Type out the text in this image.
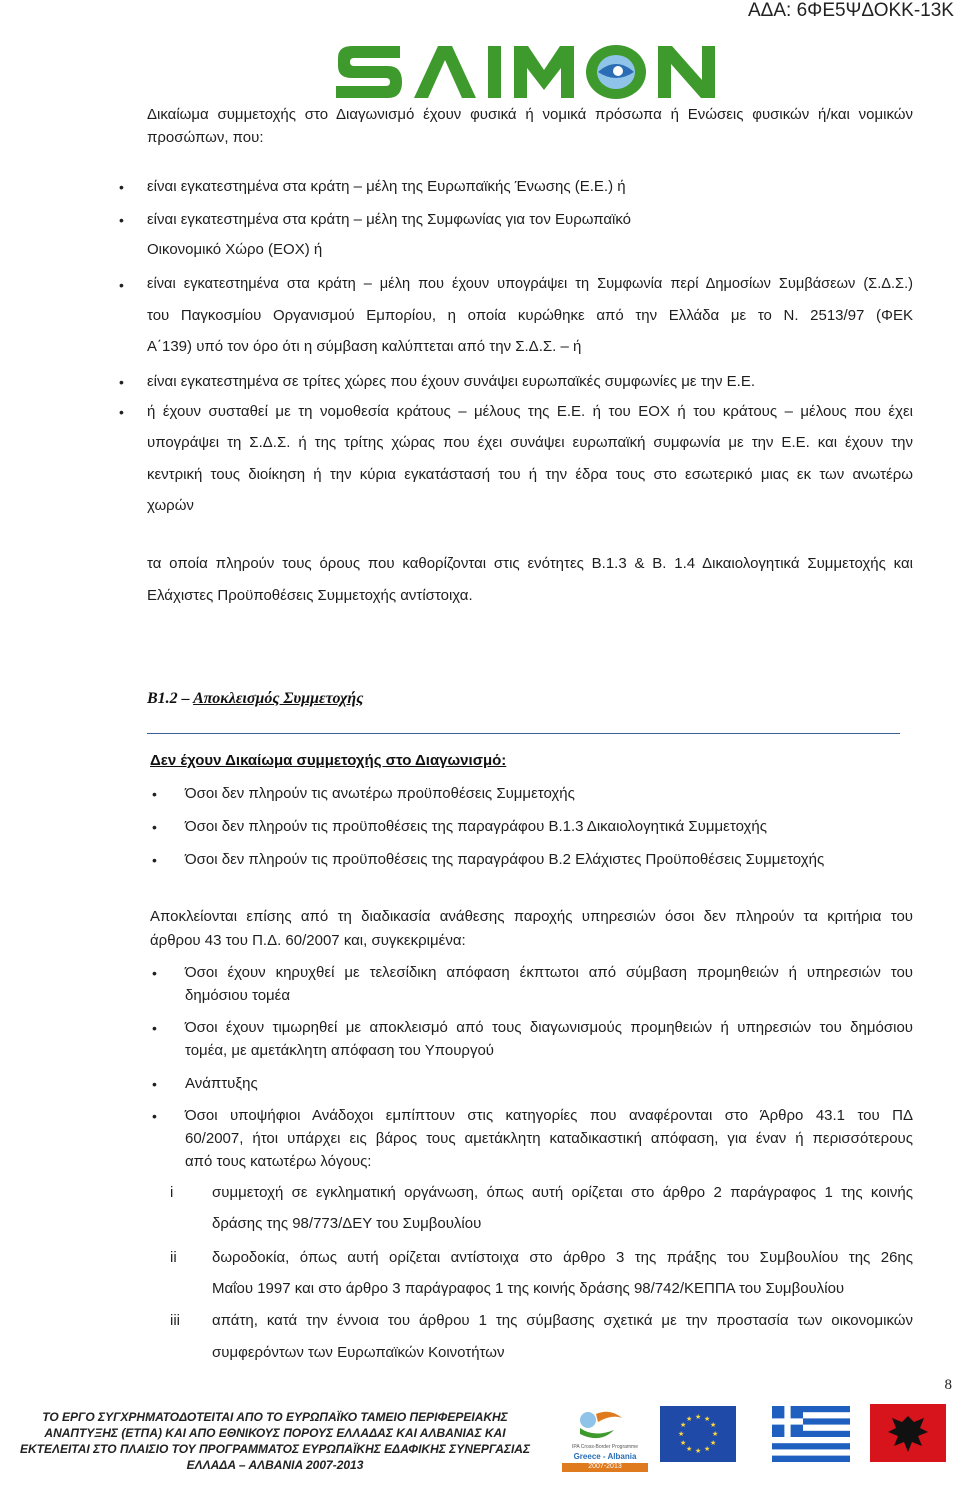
ΑΔΑ: 6ΦΕ5ΨΔΟΚΚ-13Κ
Δικαίωμα συμμετοχής στο Διαγωνισμό έχουν φυσικά ή νομικά πρόσωπα ή Ενώσεις φυσικών ή/και νομικών
προσώπων, που:
• είναι εγκατεστημένα στα κράτη – μέλη της Ευρωπαϊκής Ένωσης (Ε.Ε.) ή
• είναι εγκατεστημένα στα κράτη – μέλη της Συμφωνίας για τον Ευρωπαϊκό
Οικονομικό Χώρο (ΕΟΧ) ή
• είναι εγκατεστημένα στα κράτη – μέλη που έχουν υπογράψει τη Συμφωνία περί Δημοσίων Συμβάσεων (Σ.Δ.Σ.)
του Παγκοσμίου Οργανισμού Εμπορίου, η οποία κυρώθηκε από την Ελλάδα με το Ν. 2513/97 (ΦΕΚ
Α΄139) υπό τον όρο ότι η σύμβαση καλύπτεται από την Σ.Δ.Σ. – ή
• είναι εγκατεστημένα σε τρίτες χώρες που έχουν συνάψει ευρωπαϊκές συμφωνίες με την Ε.Ε.
• ή έχουν συσταθεί με τη νομοθεσία κράτους – μέλους της Ε.Ε. ή του ΕΟΧ ή του κράτους – μέλους που έχει
υπογράψει τη Σ.Δ.Σ. ή της τρίτης χώρας που έχει συνάψει ευρωπαϊκή συμφωνία με την Ε.Ε. και έχουν την
κεντρική τους διοίκηση ή την κύρια εγκατάστασή του ή την έδρα τους στο εσωτερικό μιας εκ των ανωτέρω
χωρών
τα οποία πληρούν τους όρους που καθορίζονται στις ενότητες Β.1.3 & Β. 1.4 Δικαιολογητικά Συμμετοχής και
Ελάχιστες Προϋποθέσεις Συμμετοχής αντίστοιχα.
Β1.2 – Αποκλεισμός Συμμετοχής
Δεν έχουν Δικαίωμα συμμετοχής στο Διαγωνισμό:
• Όσοι δεν πληρούν τις ανωτέρω προϋποθέσεις Συμμετοχής
• Όσοι δεν πληρούν τις προϋποθέσεις της παραγράφου Β.1.3 Δικαιολογητικά Συμμετοχής
• Όσοι δεν πληρούν τις προϋποθέσεις της παραγράφου Β.2 Ελάχιστες Προϋποθέσεις Συμμετοχής
Αποκλείονται επίσης από τη διαδικασία ανάθεσης παροχής υπηρεσιών όσοι δεν πληρούν τα κριτήρια του
άρθρου 43 του Π.Δ. 60/2007 και, συγκεκριμένα:
• Όσοι έχουν κηρυχθεί με τελεσίδικη απόφαση έκπτωτοι από σύμβαση προμηθειών ή υπηρεσιών του
δημόσιου τομέα
• Όσοι έχουν τιμωρηθεί με αποκλεισμό από τους διαγωνισμούς προμηθειών ή υπηρεσιών του δημόσιου
τομέα, με αμετάκλητη απόφαση του Υπουργού
• Ανάπτυξης
• Όσοι υποψήφιοι Ανάδοχοι εμπίπτουν στις κατηγορίες που αναφέρονται στο Άρθρο 43.1 του ΠΔ
60/2007, ήτοι υπάρχει εις βάρος τους αμετάκλητη καταδικαστική απόφαση, για έναν ή περισσότερους
από τους κατωτέρω λόγους:
i	συμμετοχή σε εγκληματική οργάνωση, όπως αυτή ορίζεται στο άρθρο 2 παράγραφος 1 της κοινής
δράσης της 98/773/ΔΕΥ του Συμβουλίου
ii δωροδοκία, όπως αυτή ορίζεται αντίστοιχα στο άρθρο 3 της πράξης του Συμβουλίου της 26ης
Μαΐου 1997 και στο άρθρο 3 παράγραφος 1 της κοινής δράσης 98/742/ΚΕΠΠΑ του Συμβουλίου
iii απάτη, κατά την έννοια του άρθρου 1 της σύμβασης σχετικά με την προστασία των οικονομικών
συμφερόντων των Ευρωπαϊκών Κοινοτήτων
8
ΤΟ ΕΡΓΟ ΣΥΓΧΡΗΜΑΤΟΔΟΤΕΙΤΑΙ ΑΠΟ ΤΟ ΕΥΡΩΠΑΪΚΟ ΤΑΜΕΙΟ ΠΕΡΙΦΕΡΕΙΑΚΗΣ
ΑΝΑΠΤΥΞΗΣ (ΕΤΠΑ) ΚΑΙ ΑΠΟ ΕΘΝΙΚΟΥΣ ΠΟΡΟΥΣ ΕΛΛΑΔΑΣ ΚΑΙ ΑΛΒΑΝΙΑΣ ΚΑΙ
ΕΚΤΕΛΕΙΤΑΙ ΣΤΟ ΠΛΑΙΣΙΟ ΤΟΥ ΠΡΟΓΡΑΜΜΑΤΟΣ ΕΥΡΩΠΑΪΚΗΣ ΕΔΑΦΙΚΗΣ ΣΥΝΕΡΓΑΣΙΑΣ
ΕΛΛΑΔΑ – ΑΛΒΑΝΙΑ 2007-2013
IPA Cross-Border Programme
Greece - Albania
2007-2013
★ ★
★
★
★
★
★
★
★
★
★
★
